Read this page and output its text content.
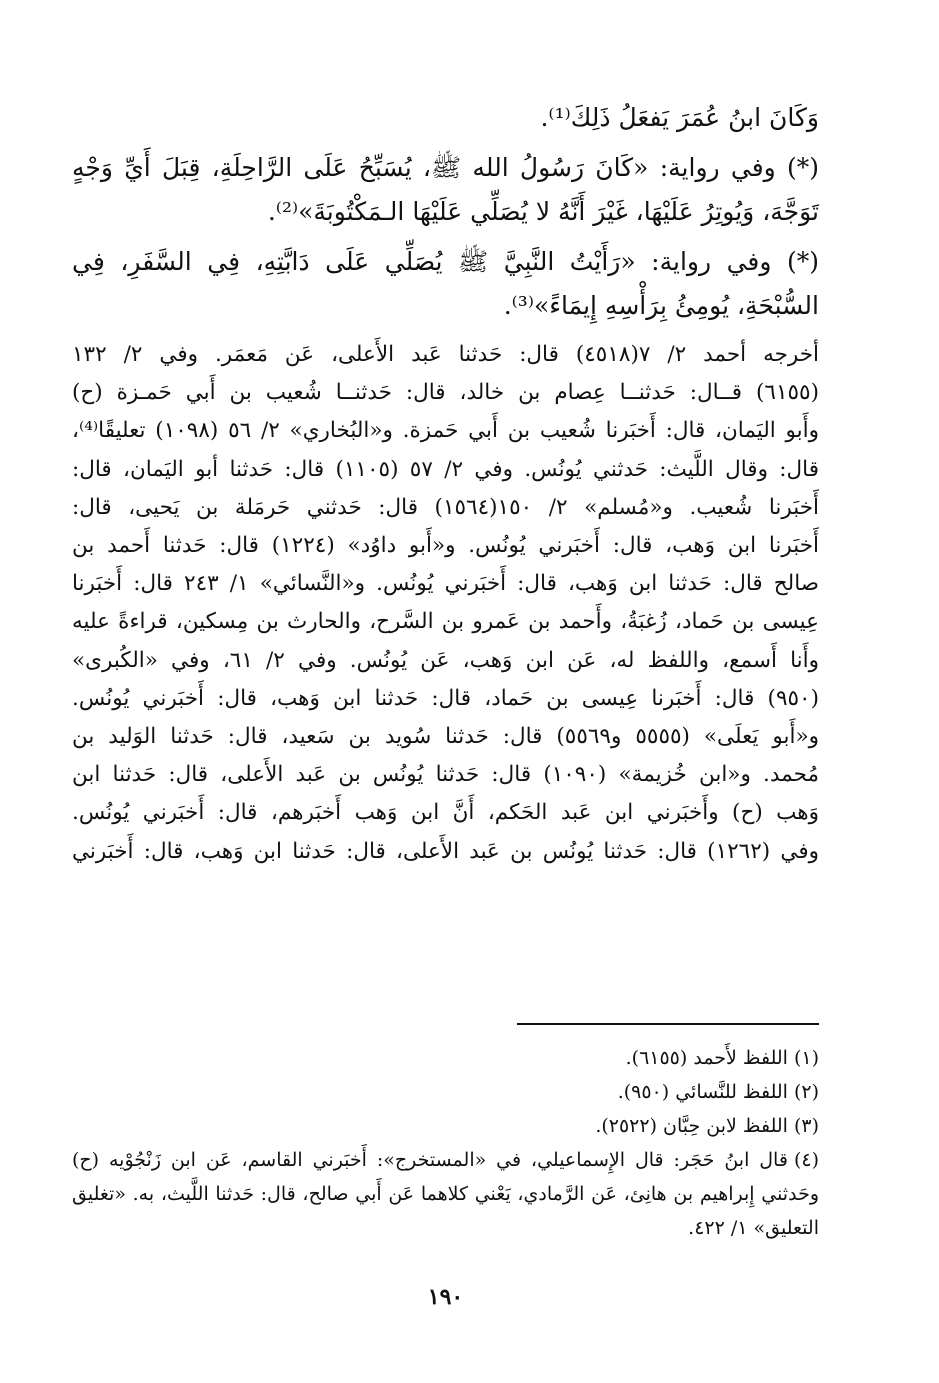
وَكَانَ ابنُ عُمَرَ يَفعَلُ ذَلِكَ⁽¹⁾.

(*) وفي رواية: «كَانَ رَسُولُ الله ﷺ، يُسَبِّحُ عَلَى الرَّاحِلَةِ، قِبَلَ أَيِّ وَجْهٍ تَوَجَّهَ، وَيُوتِرُ عَلَيْهَا، غَيْرَ أَنَّهُ لا يُصَلِّي عَلَيْهَا الـمَكْتُوبَةَ»⁽²⁾.

(*) وفي رواية: «رَأَيْتُ النَّبِيَّ ﷺ يُصَلِّي عَلَى دَابَّتِهِ، فِي السَّفَرِ، فِي السُّبْحَةِ، يُومِئُ بِرَأْسِهِ إِيمَاءً»⁽³⁾.

أخرجه أحمد ٢/ ٧(٤٥١٨) قال: حَدثنا عَبد الأَعلى، عَن مَعمَر. وفي ٢/ ١٣٢
(٦١٥٥) قــال: حَدثنــا عِصام بن خالد، قال: حَدثنــا شُعيب بن أَبي حَمـزة (ح)
وأَبو اليَمان، قال: أَخبَرنا شُعيب بن أَبي حَمزة. و«البُخاري» ٢/ ٥٦ (١٠٩٨) تعليقًا⁽⁴⁾،
قال: وقال اللَّيث: حَدثني يُونُس. وفي ٢/ ٥٧ (١١٠٥) قال: حَدثنا أبو اليَمان، قال:
أَخبَرنا شُعيب. و«مُسلم» ٢/ ١٥٠(١٥٦٤) قال: حَدثني حَرمَلة بن يَحيى، قال:
أَخبَرنا ابن وَهب، قال: أَخبَرني يُونُس. و«أَبو داوُد» (١٢٢٤) قال: حَدثنا أَحمد بن
صالح قال: حَدثنا ابن وَهب، قال: أَخبَرني يُونُس. و«النَّسائي» ١/ ٢٤٣ قال: أَخبَرنا
عِيسى بن حَماد، زُغبَةُ، وأَحمد بن عَمرو بن السَّرح، والحارث بن مِسكين، قراءةً عليه
وأَنا أَسمع، واللفظ له، عَن ابن وَهب، عَن يُونُس. وفي ٢/ ٦١، وفي «الكُبرى»
(٩٥٠) قال: أَخبَرنا عِيسى بن حَماد، قال: حَدثنا ابن وَهب، قال: أَخبَرني يُونُس.
و«أَبو يَعلَى» (٥٥٥٥ و٥٥٦٩) قال: حَدثنا سُويد بن سَعيد، قال: حَدثنا الوَليد بن
مُحمد. و«ابن خُزيمة» (١٠٩٠) قال: حَدثنا يُونُس بن عَبد الأَعلى، قال: حَدثنا ابن
وَهب (ح) وأَخبَرني ابن عَبد الحَكم، أَنَّ ابن وَهب أَخبَرهم، قال: أَخبَرني يُونُس.
وفي (١٢٦٢) قال: حَدثنا يُونُس بن عَبد الأَعلى، قال: حَدثنا ابن وَهب، قال: أَخبَرني

(١)اللفظ لأَحمد (٦١٥٥).

(٢)اللفظ للنَّسائي (٩٥٠).

(٣)اللفظ لابن حِبَّان (٢٥٢٢).

(٤)قال ابنُ حَجَر: قال الإِسماعيلي، في «المستخرج»: أَخبَرني القاسم، عَن ابن زَنْجُوْيه (ح) وحَدثني إِبراهيم بن هانِئ، عَن الرَّمادي، يَعْني كلاهما عَن أَبي صالح، قال: حَدثنا اللَّيث، به. «تغليق التعليق» ١/ ٤٢٢.

١٩٠
